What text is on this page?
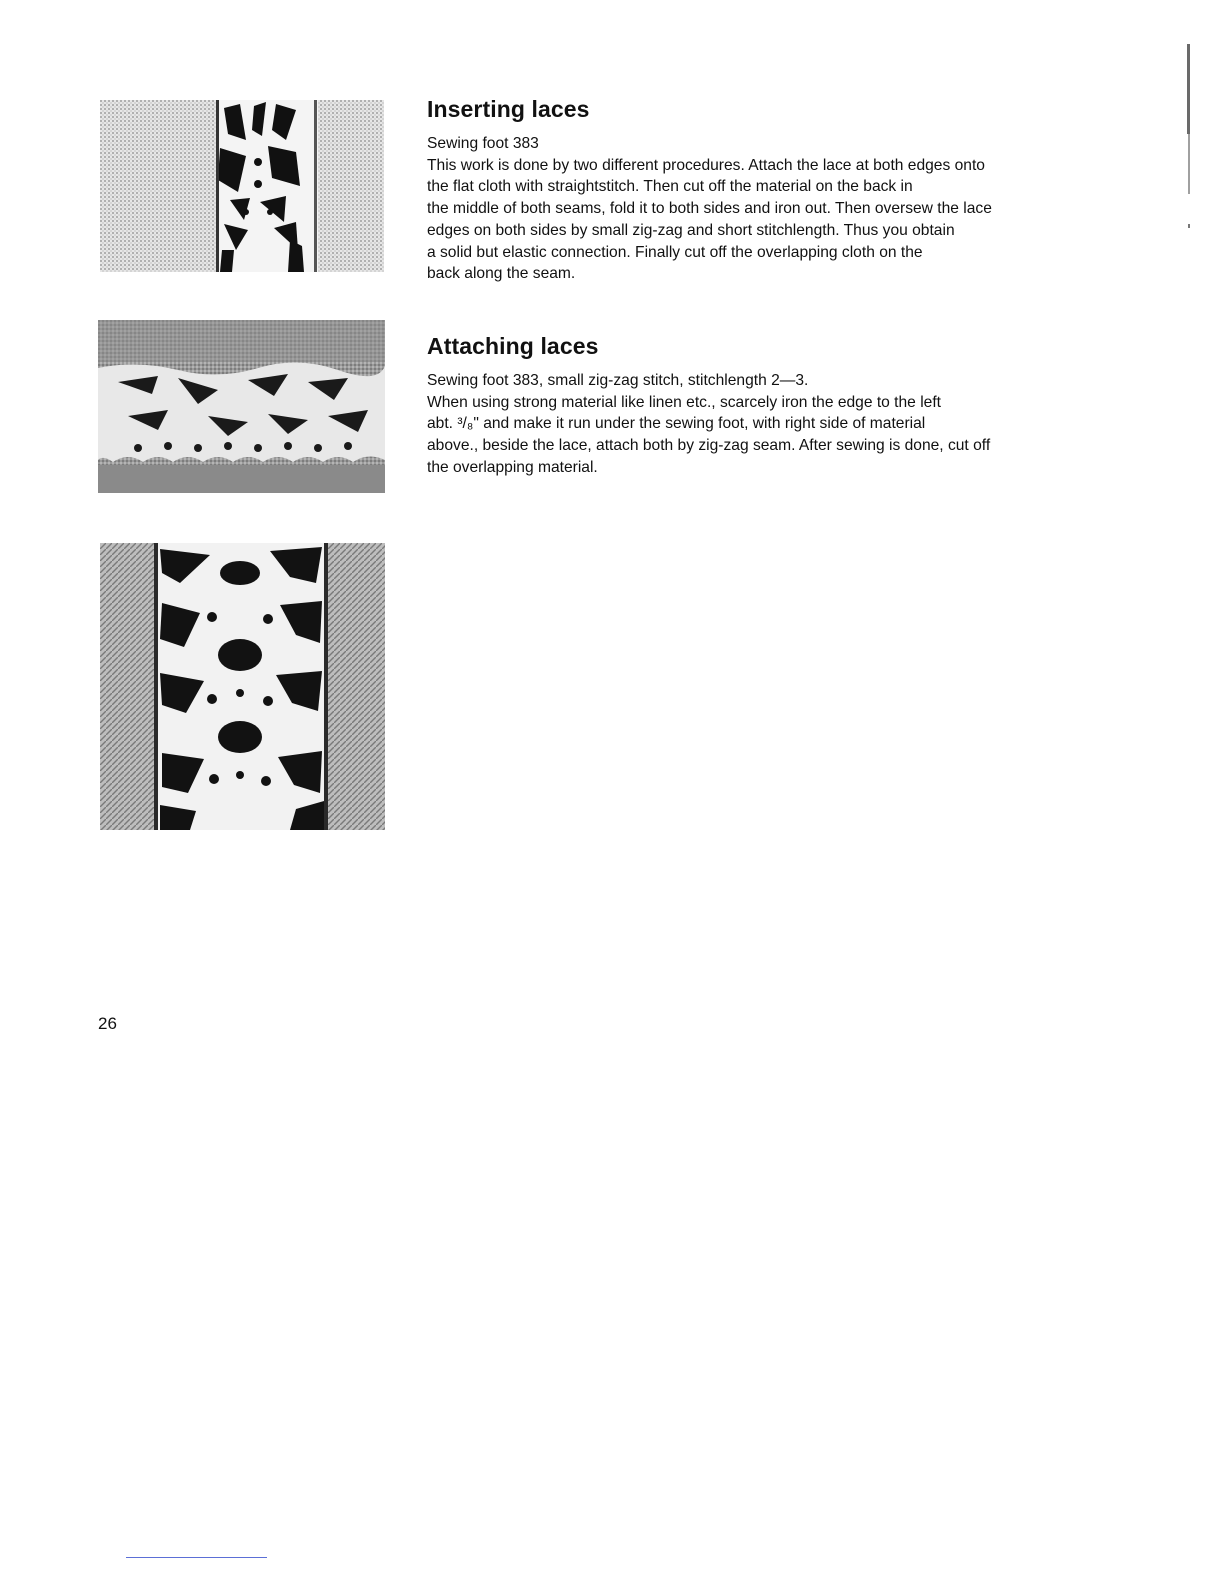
Inserting laces

Sewing foot 383

This work is done by two different procedures. Attach the lace at both edges onto

the flat cloth with straightstitch. Then cut off the material on the back in

the middle of both seams, fold it to both sides and iron out. Then oversew the lace

edges on both sides by small zig-zag and short stitchlength. Thus you obtain

a solid but elastic connection. Finally cut off the overlapping cloth on the

back along the seam.

Attaching laces

Sewing foot 383, small zig-zag stitch, stitchlength 2—3.

When using strong material like linen etc., scarcely iron the edge to the left

abt. ³/₈" and make it run under the sewing foot, with right side of material

above., beside the lace, attach both by zig-zag seam. After sewing is done, cut off

the overlapping material.

26
